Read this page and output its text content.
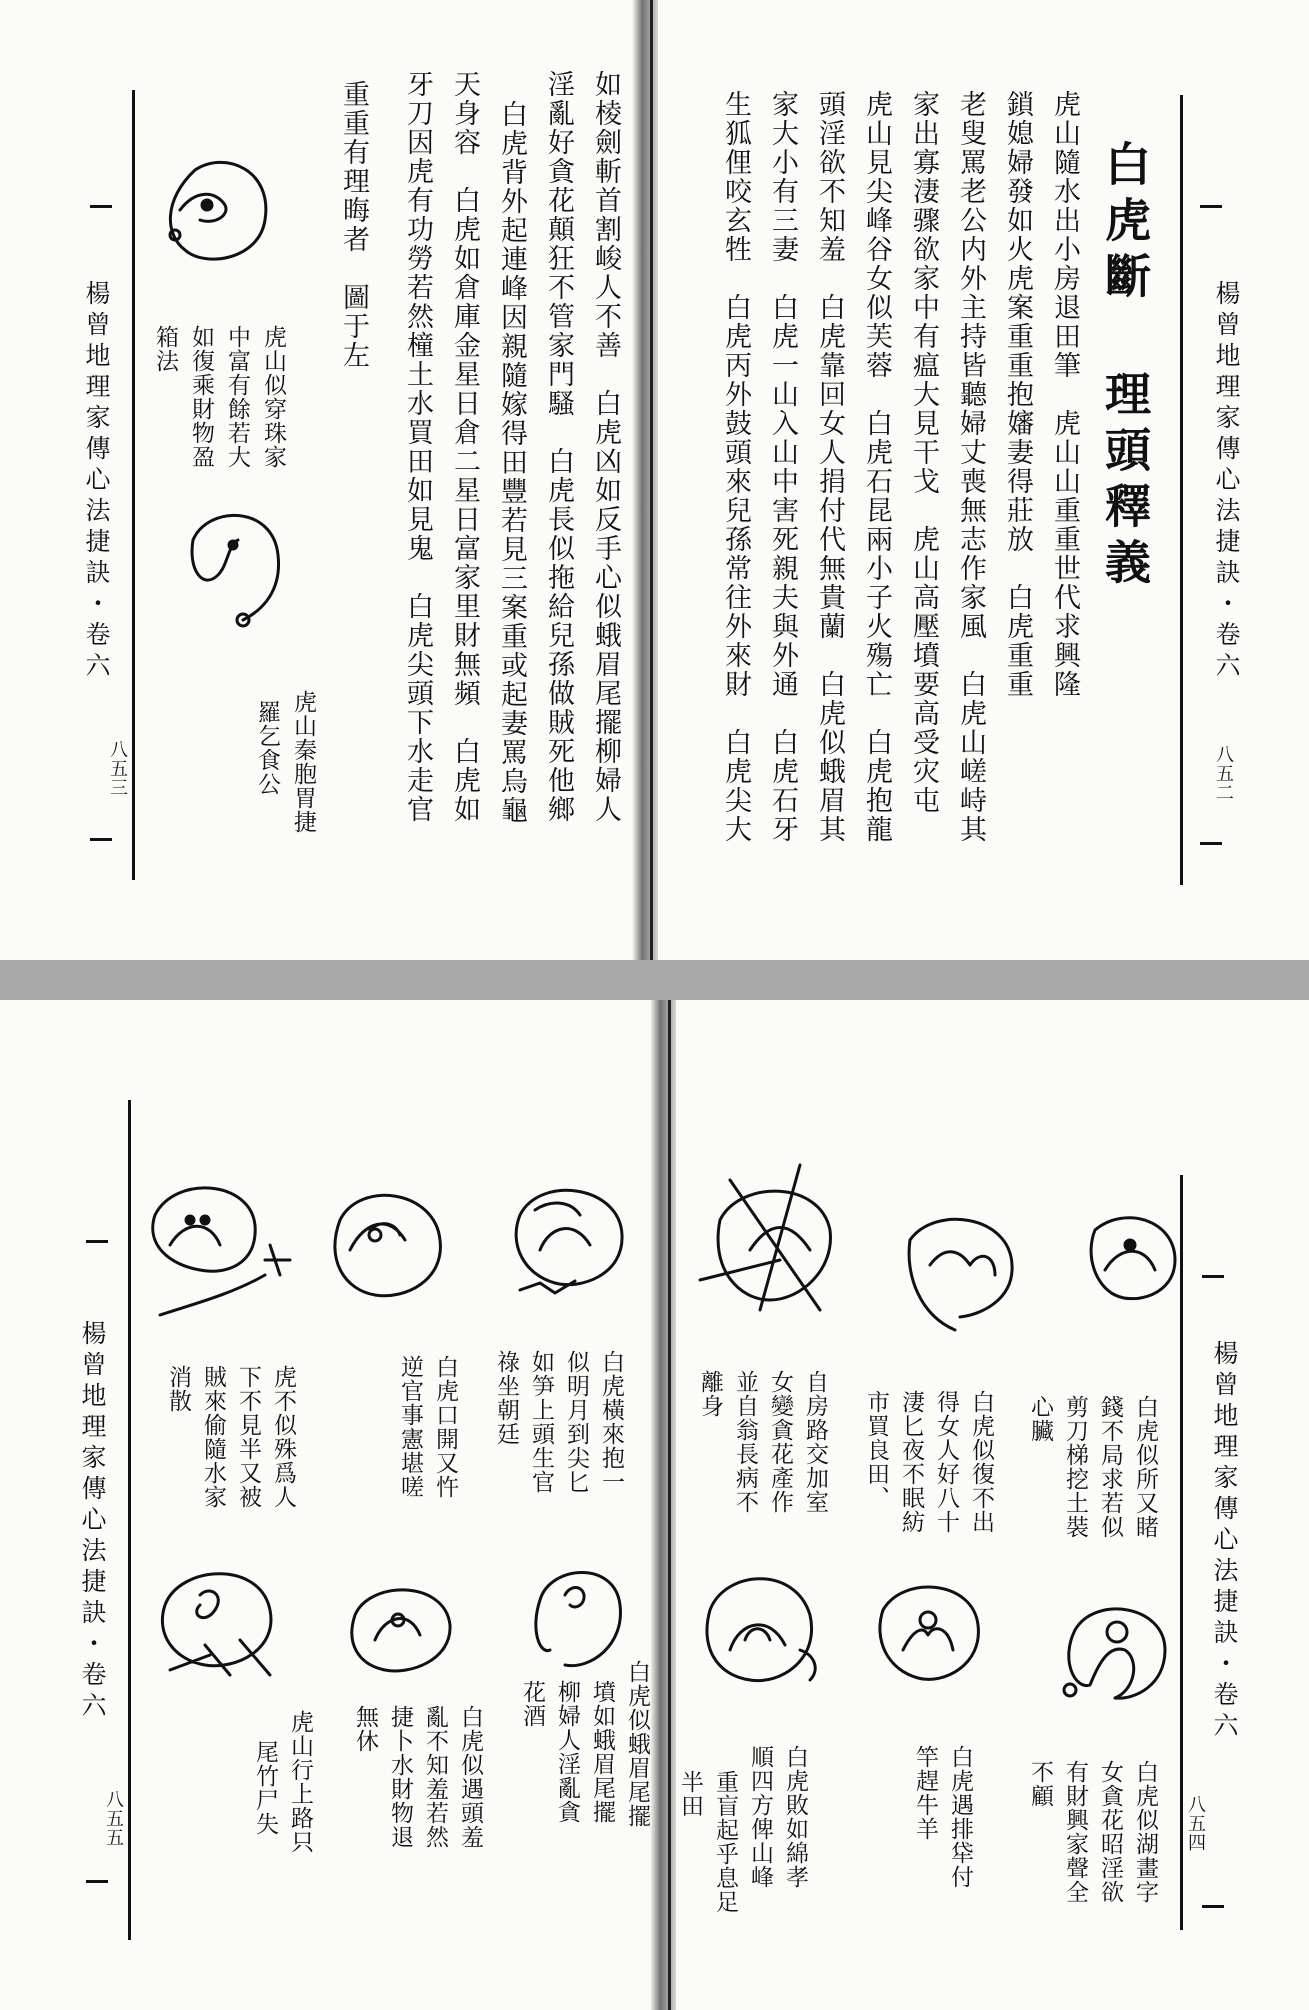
楊曾地理家傳心法捷訣・卷六
八五二
白虎斷
理頭釋義
虎山隨水出小房退田筆　虎山山重重世代求興隆
鎖媳婦發如火虎案重重抱嬸妻得莊放　白虎重重
老叟罵老公内外主持皆聽婦丈喪無志作家風　白虎山嵯峙其
家出寡淒骤欲家中有瘟大見干戈　虎山高壓墳要高受灾屯
虎山見尖峰谷女似芙蓉　白虎石昆兩小子火殤亡　白虎抱龍
頭淫欲不知羞　白虎靠回女人捐付代無貴蘭　白虎似蛾眉其
家大小有三妻　白虎一山入山中害死親夫與外通　白虎石牙
生狐俚咬玄牲　白虎丙外鼓頭來兒孫常往外來財　白虎尖大
楊曾地理家傳心法捷訣・卷六
八五三	如棱劍斬首割峻人不善　白虎凶如反手心似蛾眉尾擺柳婦人
淫亂好貪花顛狂不管家門騷　白虎長似拖給兒孫做賊死他鄉
白虎背外起連峰因親隨嫁得田豐若見三案重或起妻罵烏龜
天身容　白虎如倉庫金星日倉二星日富家里財無頻　白虎如
牙刀因虎有功勞若然橦土水買田如見鬼　白虎尖頭下水走官
重重有理晦者　圖于左
虎山似穿珠家
中富有餘若大
如復乘財物盈
箱法
虎山秦胞胃捷
羅乞食公
楊曾地理家傳心法捷訣・卷六
八五四
白虎似所又睹
錢不局求若似
剪刀梯挖土裝
心臟
白虎似復不出
得女人好八十
淒匕夜不眠紡
市買良田、
自房路交加室
女變貪花產作
並自翁長病不
離身
白虎似湖畫字
女貪花昭淫欲
有財興家聲全
不顧
白虎遇排牮付
竿趕牛羊
白虎敗如綿孝
順四方俾山峰
重盲起乎息足
半田
楊曾地理家傳心法捷訣・卷六
八五五
白虎橫來抱一
似明月到尖匕
如笋上頭生官
祿坐朝廷
白虎口開又忤
逆官事憲堪嗟
虎不似殊爲人
下不見半又被
賊來偷隨水家
消散
白虎似蛾眉尾擺
墳如蛾眉尾擺
柳婦人淫亂貪
花酒
白虎似遇頭羞
亂不知羞若然
捷卜水財物退
無休
虎山行上路只
尾竹尸失
